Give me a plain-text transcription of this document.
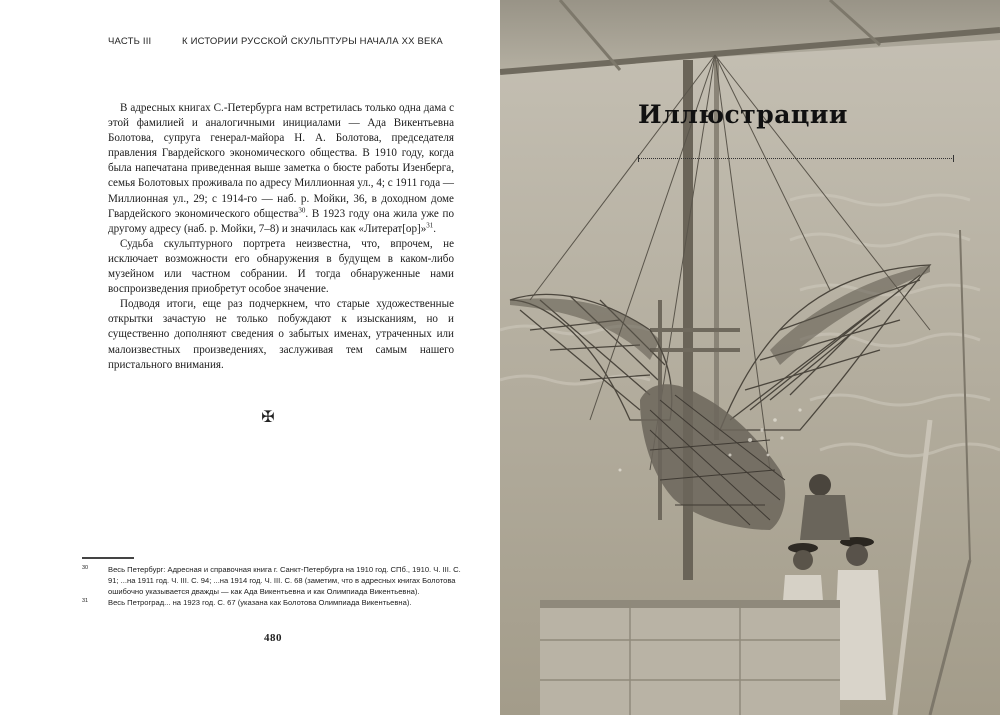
ЧАСТЬ III	К ИСТОРИИ РУССКОЙ СКУЛЬПТУРЫ НАЧАЛА XX ВЕКА

В адресных книгах С.-Петербурга нам встретилась только одна дама с этой фамилией и аналогичными инициалами — Ада Викентьевна Болотова, супруга генерал-майора Н. А. Болотова, председателя правления Гвардейского экономического общества. В 1910 году, когда была напечатана приведенная выше заметка о бюсте работы Изенберга, семья Болотовых проживала по адресу Миллионная ул., 4; с 1911 года — Миллионная ул., 29; с 1914-го — наб. р. Мойки, 36, в доходном доме Гвардейского экономического общества$^{30}$. В 1923 году она жила уже по другому адресу (наб. р. Мойки, 7–8) и значилась как «Литерат[ор]»$^{31}$.

Судьба скульптурного портрета неизвестна, что, впрочем, не исключает возможности его обнаружения в будущем в каком-либо музейном или частном собрании. И тогда обнаруженные нами воспроизведения приобретут особое значение.

Подводя итоги, еще раз подчеркнем, что старые художественные открытки зачастую не только побуждают к изысканиям, но и существенно дополняют сведения о забытых именах, утраченных или малоизвестных произведениях, заслуживая тем самым нашего пристального внимания.

✠
30	Весь Петербург: Адресная и справочная книга г. Санкт-Петербурга на 1910 год. СПб., 1910. Ч. III. С. 91; ...на 1911 год. Ч. III. С. 94; ...на 1914 год. Ч. III. С. 68 (заметим, что в адресных книгах Болотова ошибочно указывается дважды — как Ада Викентьевна и как Олимпиада Викентьевна).
31	Весь Петроград... на 1923 год. С. 67 (указана как Болотова Олимпиада Викентьевна).
480
Иллюстрации
